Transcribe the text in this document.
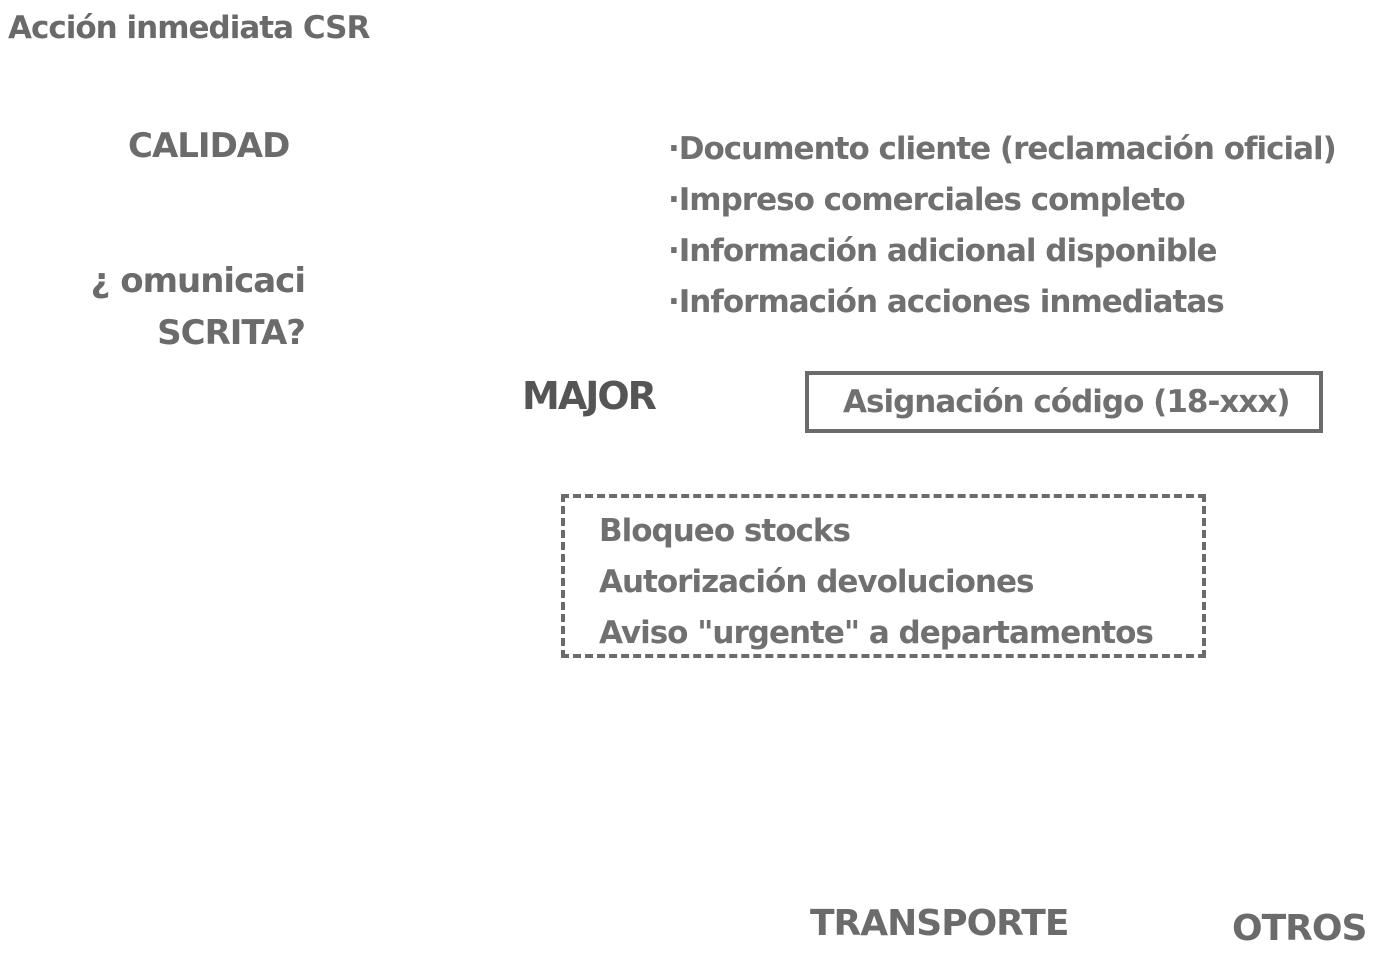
Acción inmediata CSR
CALIDAD
¿ omunicaci
SCRITA?
·Documento cliente (reclamación oficial)
·Impreso comerciales completo
·Información adicional disponible
·Información acciones inmediatas
MAJOR	Asignación código (18-xxx)
Bloqueo stocks
Autorización devoluciones
Aviso "urgente" a departamentos
TRANSPORTE	OTROS
